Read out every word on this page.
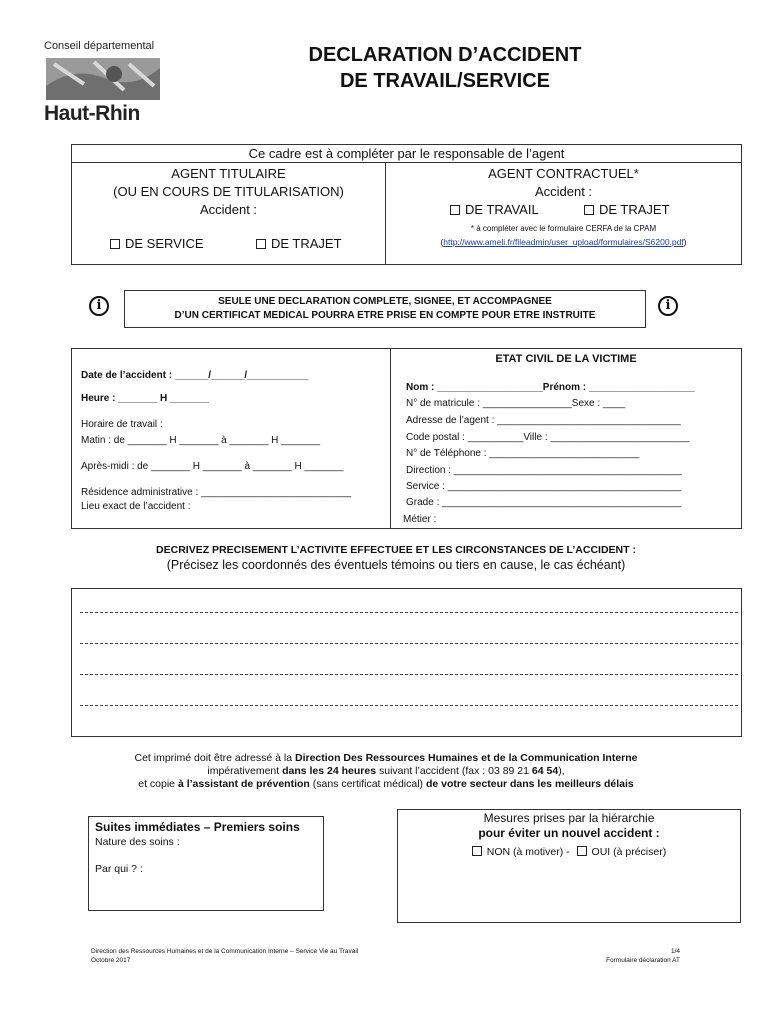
Conseil départemental
Haut-Rhin
DECLARATION D’ACCIDENT
DE TRAVAIL/SERVICE
Ce cadre est à compléter par le responsable de l’agent
AGENT TITULAIRE
(OU EN COURS DE TITULARISATION)
Accident :
DE SERVICE	DE TRAJET
AGENT CONTRACTUEL*
Accident :
DE TRAVAIL	DE TRAJET
* à compléter avec le formulaire CERFA de la CPAM
(http://www.ameli.fr/fileadmin/user_upload/formulaires/S6200.pdf)
i	SEULE UNE DECLARATION COMPLETE, SIGNEE, ET ACCOMPAGNEE
D’UN CERTIFICAT MEDICAL POURRA ETRE PRISE EN COMPTE POUR ETRE INSTRUITE
i
Date de l’accident : ______/______/___________
Heure : _______ H _______
Horaire de travail :
Matin : de _______ H _______ à _______ H _______
Après-midi : de _______ H _______ à _______ H _______
Résidence administrative : ___________________________
Lieu exact de l’accident :
ETAT CIVIL DE LA VICTIME
Nom : ___________________Prénom : ___________________
N° de matricule : ________________Sexe : ____
Adresse de l’agent : _________________________________
Code postal : __________Ville : _________________________
N° de Téléphone : ___________________________
Direction : _________________________________________
Service : __________________________________________
Grade : ___________________________________________
Métier :
DECRIVEZ PRECISEMENT L’ACTIVITE EFFECTUEE ET LES CIRCONSTANCES DE L’ACCIDENT :
(Précisez les coordonnés des éventuels témoins ou tiers en cause, le cas échéant)
Cet imprimé doit être adressé à la Direction Des Ressources Humaines et de la Communication Interne
impérativement dans les 24 heures suivant l’accident (fax : 03 89 21 64 54),
et copie à l’assistant de prévention (sans certificat médical) de votre secteur dans les meilleurs délais
Suites immédiates – Premiers soins
Nature des soins :
Par qui ? :
Mesures prises par la hiérarchie
pour éviter un nouvel accident :
NON (à motiver) - OUI (à préciser)
Direction des Ressources Humaines et de la Communication Interne – Service Vie au Travail
Octobre 2017
1/4
Formulaire déclaration AT
